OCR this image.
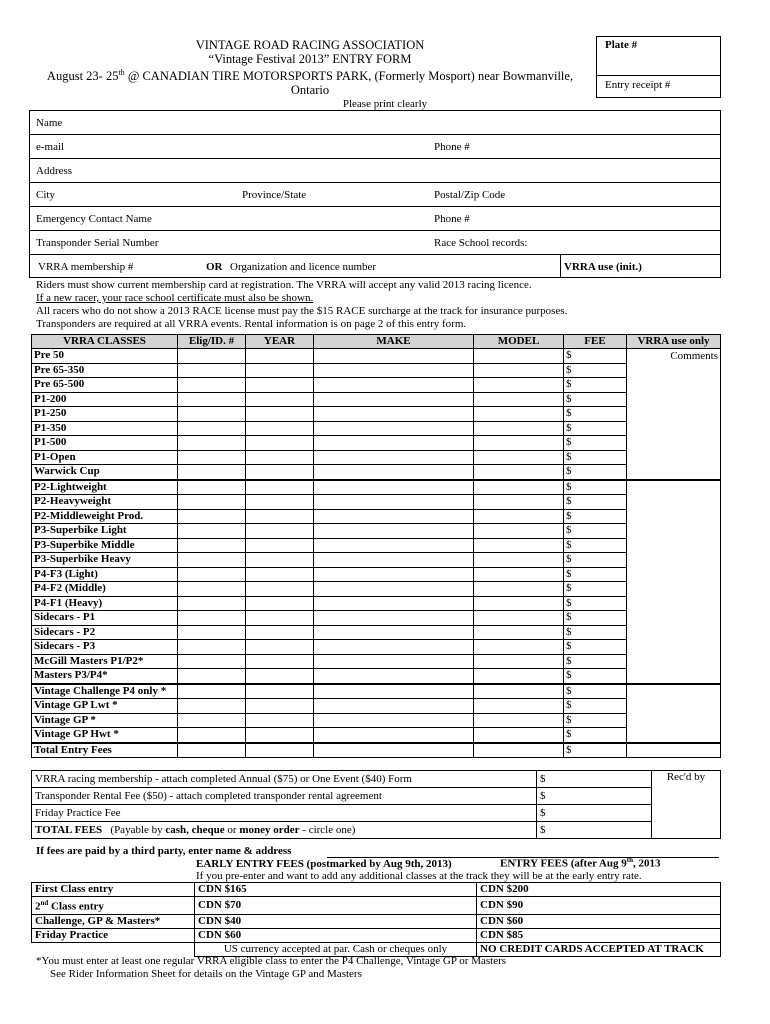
VINTAGE ROAD RACING ASSOCIATION
“Vintage Festival 2013” ENTRY FORM
August 23- 25th @ CANADIAN TIRE MOTORSPORTS PARK, (Formerly Mosport) near Bowmanville,
Ontario
Please print clearly
Plate #
Entry receipt #
Name
e-mail	Phone #
Address
City	Province/State	Postal/Zip Code
Emergency Contact Name	Phone #
Transponder Serial Number	Race School records:
VRRA membership #	OR Organization and licence number	VRRA use (init.)
Riders must show current membership card at registration. The VRRA will accept any valid 2013 racing licence.
If a new racer, your race school certificate must also be shown.
All racers who do not show a 2013 RACE license must pay the $15 RACE surcharge at the track for insurance purposes.
Transponders are required at all VRRA events. Rental information is on page 2 of this entry form.
VRRA CLASSES	Elig/ID. #	YEAR	MAKE	MODEL	FEE	VRRA use only
Pre 50					$	Comments
Pre 65-350					$	
Pre 65-500					$	
P1-200					$	
P1-250					$	
P1-350					$	
P1-500					$	
P1-Open					$	
Warwick Cup					$	
P2-Lightweight					$	
P2-Heavyweight					$	
P2-Middleweight Prod.					$	
P3-Superbike Light					$	
P3-Superbike Middle					$	
P3-Superbike Heavy					$	
P4-F3 (Light)					$	
P4-F2 (Middle)					$	
P4-F1 (Heavy)					$	
Sidecars - P1					$	
Sidecars - P2					$	
Sidecars - P3					$	
McGill Masters P1/P2*					$	
Masters P3/P4*					$	
Vintage Challenge P4 only *					$	
Vintage GP Lwt *					$	
Vintage GP *					$	
Vintage GP Hwt *					$	
Total Entry Fees					$	
VRRA racing membership - attach completed Annual ($75) or One Event ($40) Form	$	Rec'd by
Transponder Rental Fee ($50) - attach completed transponder rental agreement	$	
Friday Practice Fee	$	
TOTAL FEES (Payable by cash, cheque or money order - circle one)	$	
If fees are paid by a third party, enter name & address
EARLY ENTRY FEES (postmarked by Aug 9th, 2013)	ENTRY FEES (after Aug 9th, 2013
If you pre-enter and want to add any additional classes at the track they will be at the early entry rate.
First Class entry	CDN $165	CDN $200
2nd Class entry	CDN $70	CDN $90
Challenge, GP & Masters*	CDN $40	CDN $60
Friday Practice	CDN $60	CDN $85
	US currency accepted at par. Cash or cheques only	NO CREDIT CARDS ACCEPTED AT TRACK
*You must enter at least one regular VRRA eligible class to enter the P4 Challenge, Vintage GP or Masters
See Rider Information Sheet for details on the Vintage GP and Masters
